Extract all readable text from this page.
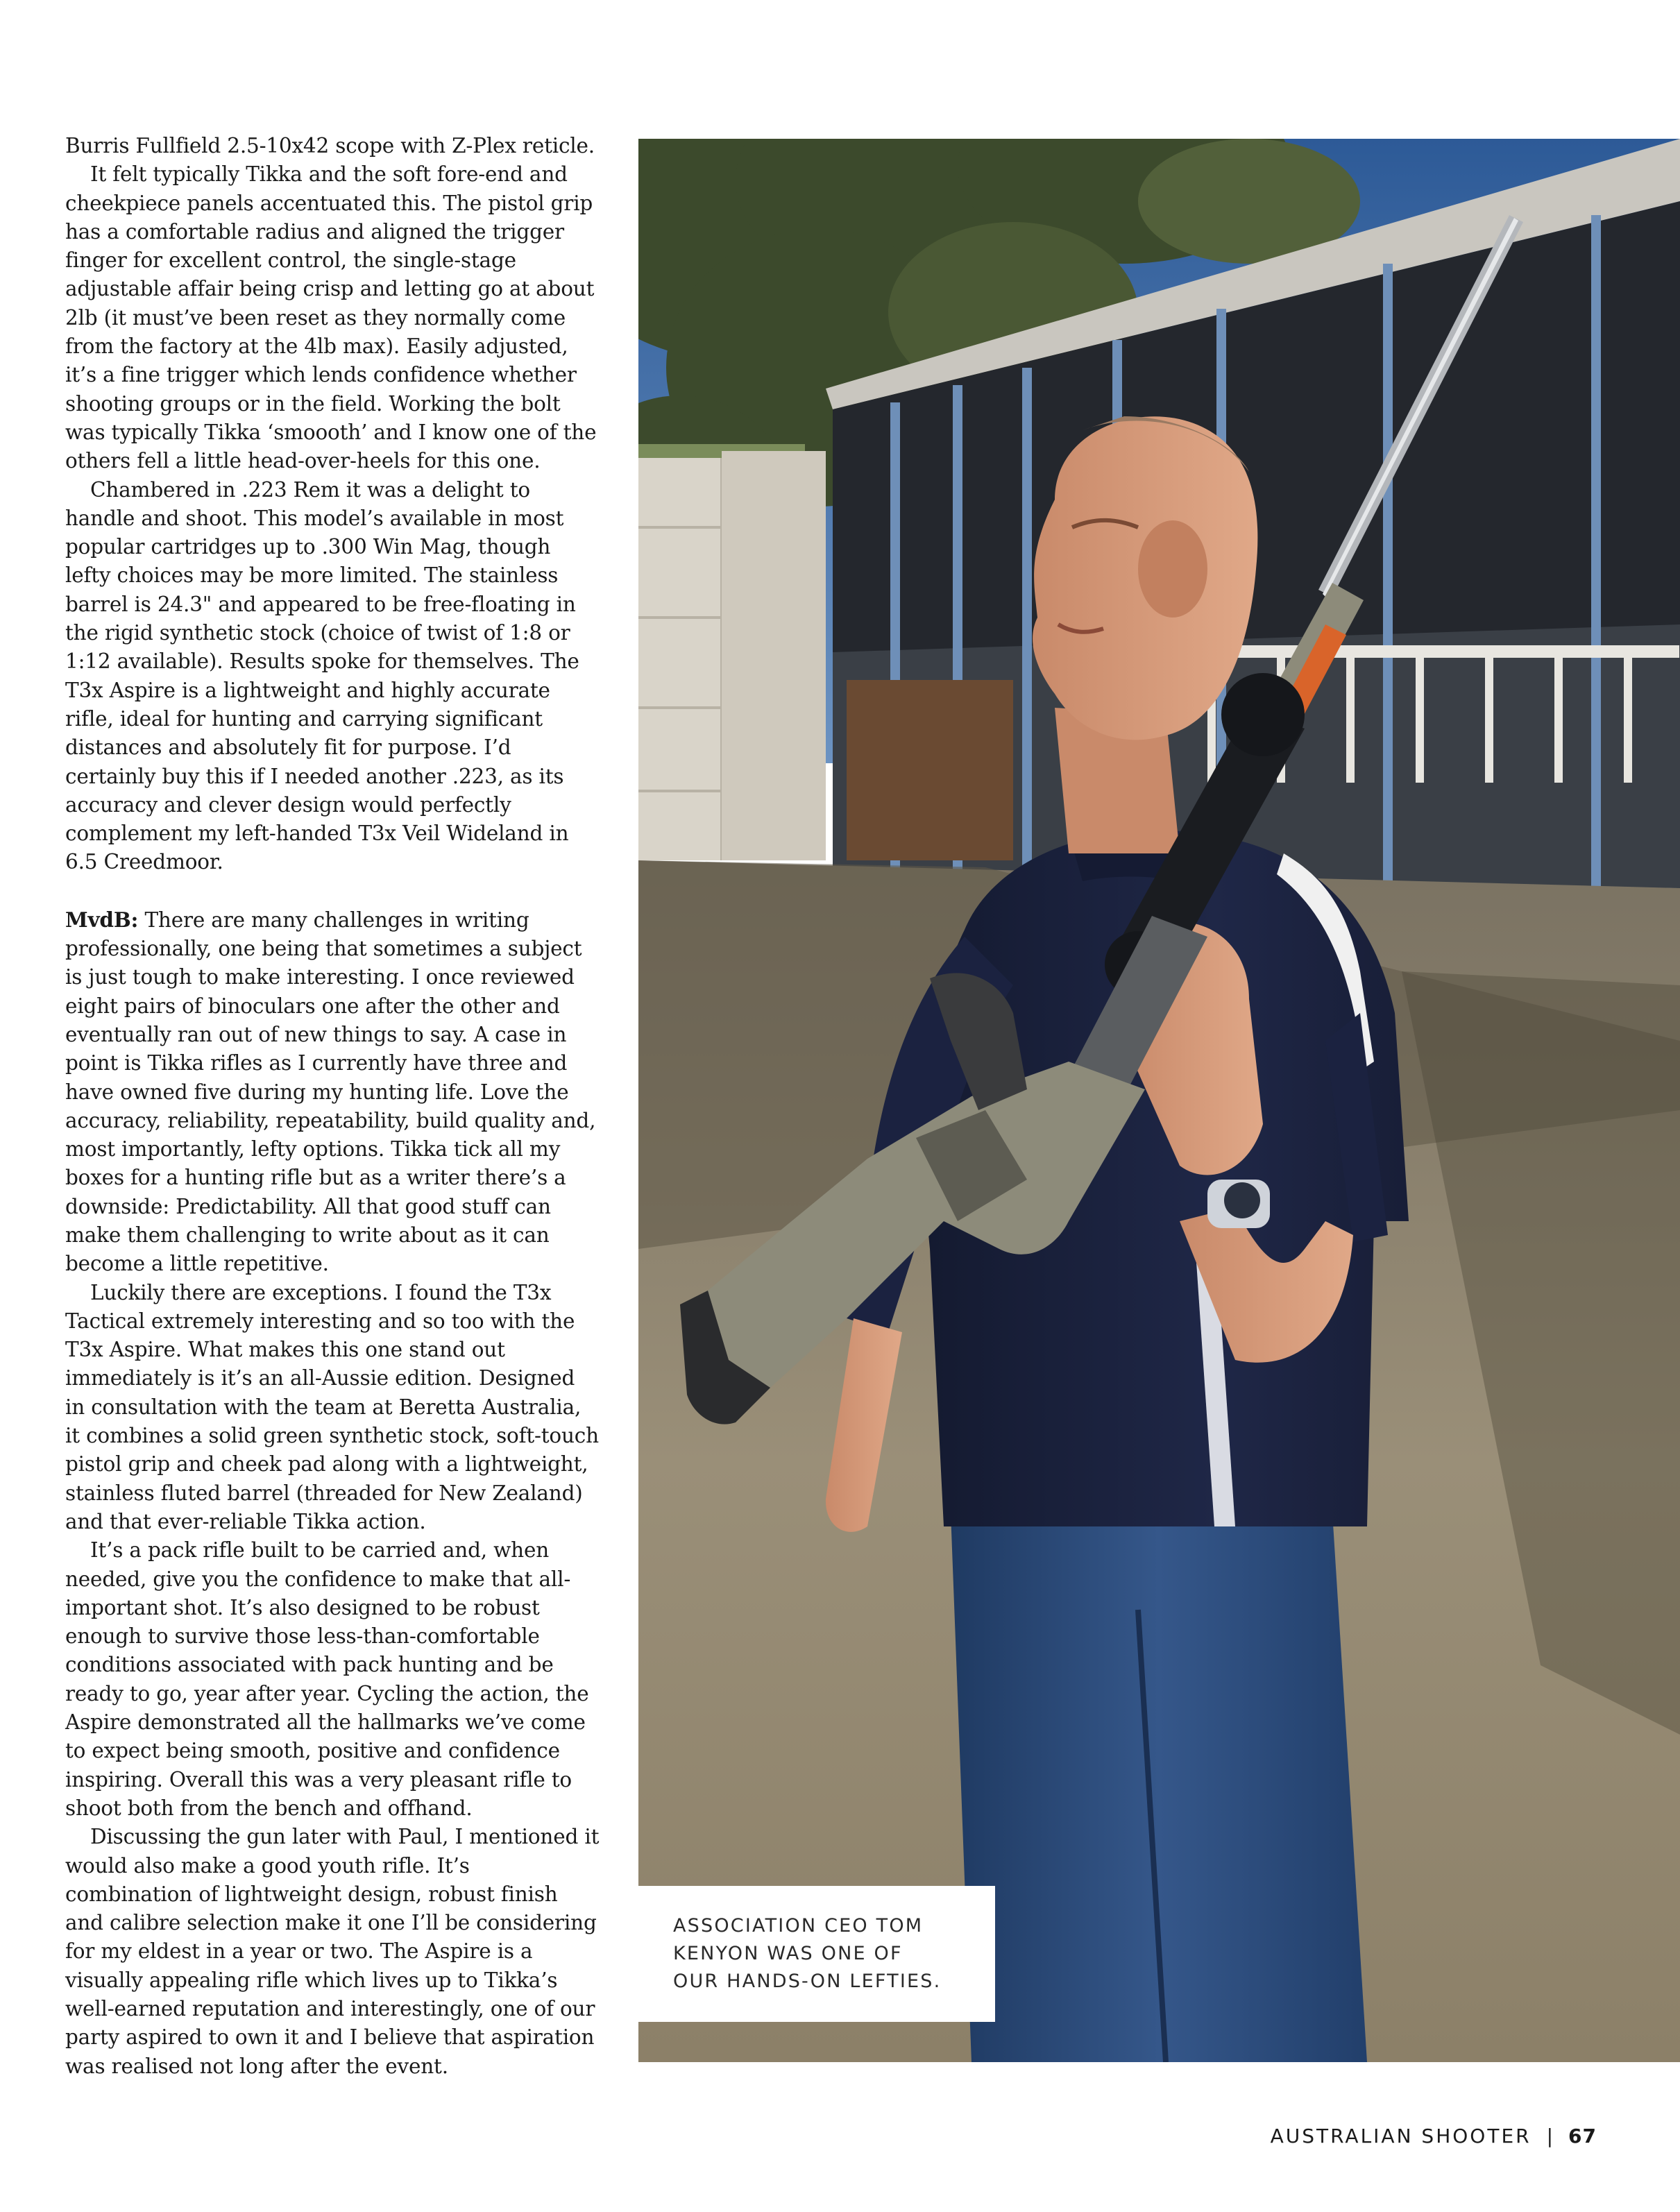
Burris Fullfield 2.5-10x42 scope with Z-Plex reticle.

It felt typically Tikka and the soft fore-end and cheekpiece panels accentuated this. The pistol grip has a comfortable radius and aligned the trigger finger for excellent control, the single-stage adjustable affair being crisp and letting go at about 2lb (it must’ve been reset as they normally come from the factory at the 4lb max). Easily adjusted, it’s a fine trigger which lends confidence whether shooting groups or in the field. Working the bolt was typically Tikka ‘smoooth’ and I know one of the others fell a little head-over-heels for this one.

Chambered in .223 Rem it was a delight to handle and shoot. This model’s available in most popular cartridges up to .300 Win Mag, though lefty choices may be more limited. The stainless barrel is 24.3" and appeared to be free-floating in the rigid synthetic stock (choice of twist of 1:8 or 1:12 available). Results spoke for themselves. The T3x Aspire is a lightweight and highly accurate rifle, ideal for hunting and carrying significant distances and absolutely fit for purpose. I’d certainly buy this if I needed another .223, as its accuracy and clever design would perfectly complement my left-handed T3x Veil Wideland in 6.5 Creedmoor.

MvdB: There are many challenges in writing professionally, one being that sometimes a subject is just tough to make interesting. I once reviewed eight pairs of binoculars one after the other and eventually ran out of new things to say. A case in point is Tikka rifles as I currently have three and have owned five during my hunting life. Love the accuracy, reliability, repeatability, build quality and, most importantly, lefty options. Tikka tick all my boxes for a hunting rifle but as a writer there’s a downside: Predictability. All that good stuff can make them challenging to write about as it can become a little repetitive.

Luckily there are exceptions. I found the T3x Tactical extremely interesting and so too with the T3x Aspire. What makes this one stand out immediately is it’s an all-Aussie edition. Designed in consultation with the team at Beretta Australia, it combines a solid green synthetic stock, soft-touch pistol grip and cheek pad along with a lightweight, stainless fluted barrel (threaded for New Zealand) and that ever-reliable Tikka action.

It’s a pack rifle built to be carried and, when needed, give you the confidence to make that all-important shot. It’s also designed to be robust enough to survive those less-than-comfortable conditions associated with pack hunting and be ready to go, year after year. Cycling the action, the Aspire demonstrated all the hallmarks we’ve come to expect being smooth, positive and confidence inspiring. Overall this was a very pleasant rifle to shoot both from the bench and offhand.

Discussing the gun later with Paul, I mentioned it would also make a good youth rifle. It’s combination of lightweight design, robust finish and calibre selection make it one I’ll be considering for my eldest in a year or two. The Aspire is a visually appealing rifle which lives up to Tikka’s well-earned reputation and interestingly, one of our party aspired to own it and I believe that aspiration was realised not long after the event.

ASSOCIATION CEO TOM
KENYON WAS ONE OF
OUR HANDS-ON LEFTIES.
AUSTRALIAN SHOOTER | 67
